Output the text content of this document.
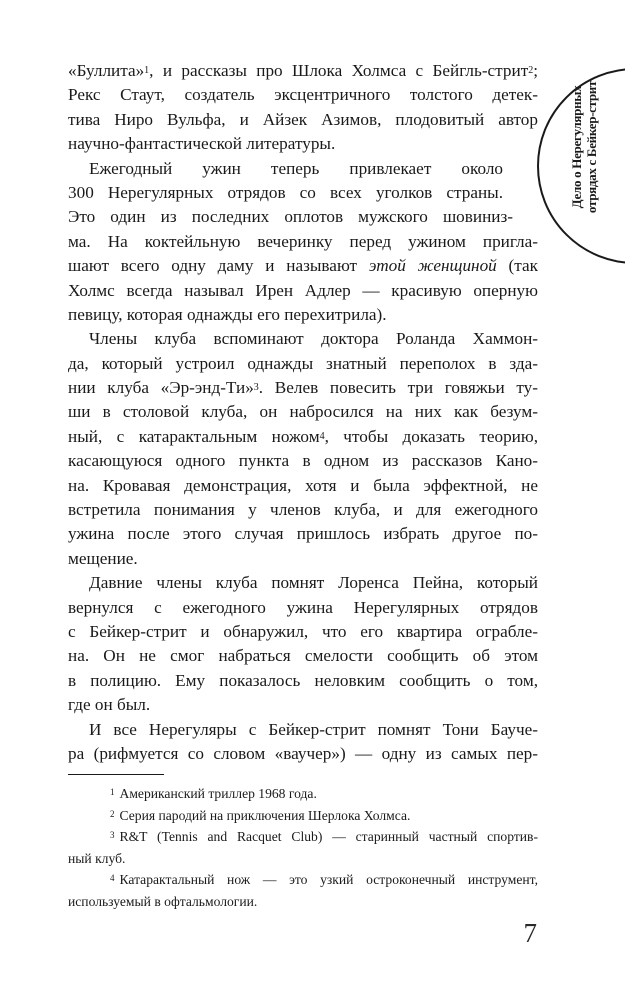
«Буллита»$^1$, и рассказы про Шлока Холмса с Бейгль-стрит$^2$;
Рекс Стаут, создатель эксцентричного толстого детек-
тива Ниро Вульфа, и Айзек Азимов, плодовитый автор
научно-фантастической литературы.
Ежегодный ужин теперь привлекает около
300 Нерегулярных отрядов со всех уголков страны.
Это один из последних оплотов мужского шовиниз-
ма. На коктейльную вечеринку перед ужином пригла-
шают всего одну даму и называют этой женщиной (так
Холмс всегда называл Ирен Адлер — красивую оперную
певицу, которая однажды его перехитрила).
Члены клуба вспоминают доктора Роланда Хаммон-
да, который устроил однажды знатный переполох в зда-
нии клуба «Эр-энд-Ти»$^3$. Велев повесить три говяжьи ту-
ши в столовой клуба, он набросился на них как безум-
ный, с катарактальным ножом$^4$, чтобы доказать теорию,
касающуюся одного пункта в одном из рассказов Кано-
на. Кровавая демонстрация, хотя и была эффектной, не
встретила понимания у членов клуба, и для ежегодного
ужина после этого случая пришлось избрать другое по-
мещение.
Давние члены клуба помнят Лоренса Пейна, который
вернулся с ежегодного ужина Нерегулярных отрядов
с Бейкер-стрит и обнаружил, что его квартира ограбле-
на. Он не смог набраться смелости сообщить об этом
в полицию. Ему показалось неловким сообщить о том,
где он был.
И все Нерегуляры с Бейкер-стрит помнят Тони Бауче-
ра (рифмуется со словом «ваучер») — одну из самых пер-
$^1$ Американский триллер 1968 года.
$^2$ Серия пародий на приключения Шерлока Холмса.
$^3$ R&T (Tennis and Racquet Club) — старинный частный спортив-
ный клуб.
$^4$ Катарактальный нож — это узкий остроконечный инструмент,
используемый в офтальмологии.
7
Дело о Нерегулярных отрядах с Бейкер-стрит
